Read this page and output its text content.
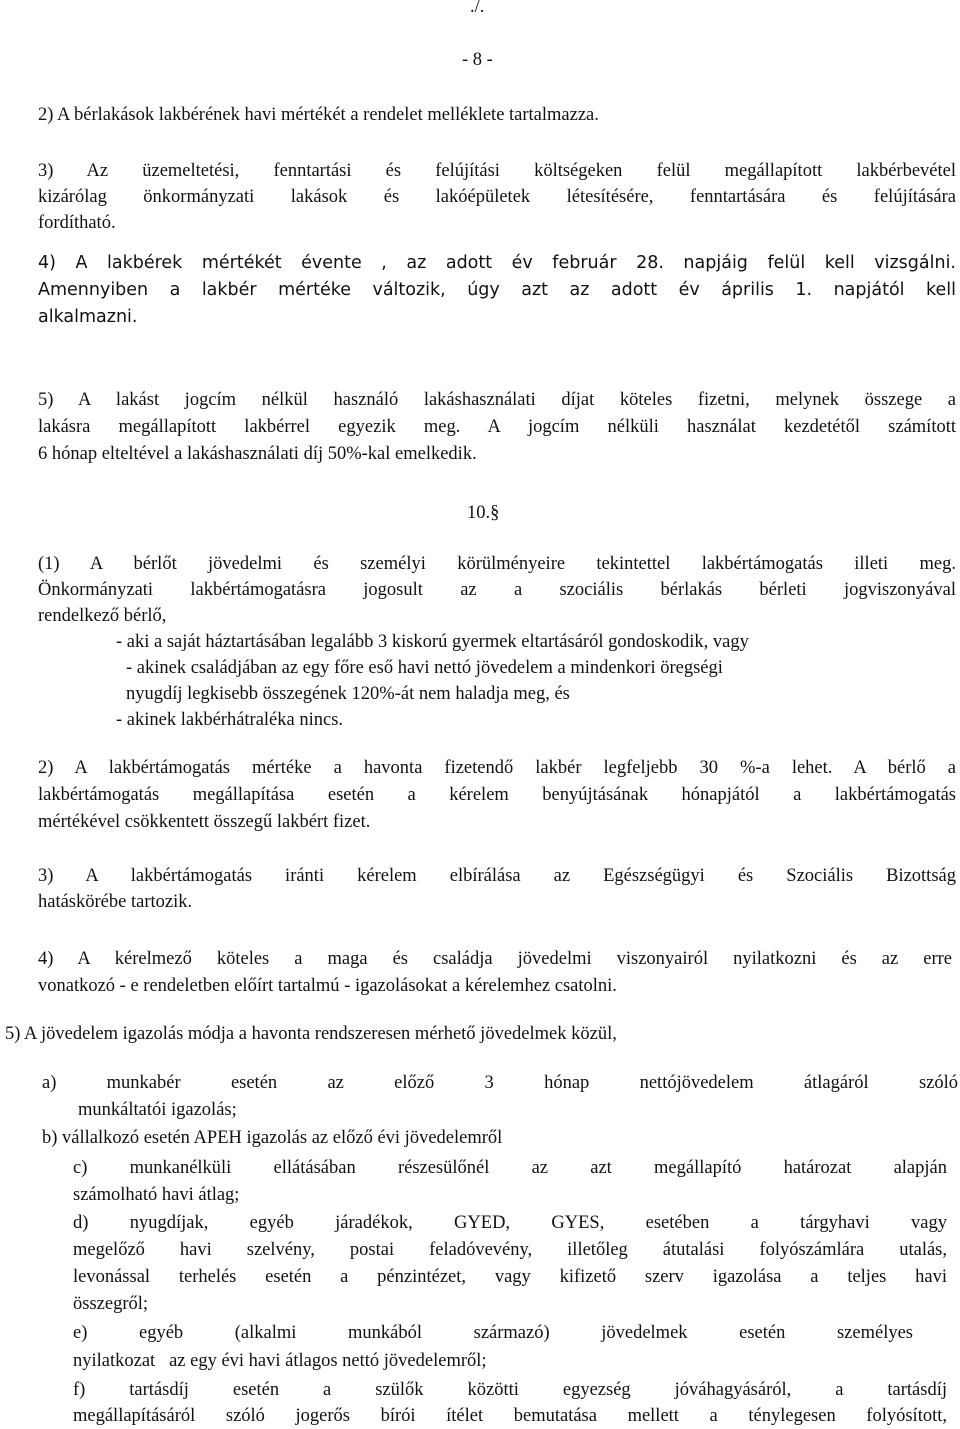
./.
- 8 -
2) A bérlakások lakbérének havi mértékét a rendelet melléklete tartalmazza.
3) Az üzemeltetési, fenntartási és felújítási költségeken felül megállapított lakbérbevétel
kizárólag önkormányzati lakások és lakóépületek létesítésére, fenntartására és felújítására
fordítható.
4) A lakbérek mértékét évente , az adott év február 28. napjáig felül kell vizsgálni.
Amennyiben a lakbér mértéke változik, úgy azt az adott év április 1. napjától kell
alkalmazni.
5) A lakást jogcím nélkül használó lakáshasználati díjat köteles fizetni, melynek összege a
lakásra megállapított lakbérrel egyezik meg. A jogcím nélküli használat kezdetétől számított
6 hónap elteltével a lakáshasználati díj 50%-kal emelkedik.
10.§
(1) A bérlőt jövedelmi és személyi körülményeire tekintettel lakbértámogatás illeti meg.
Önkormányzati lakbértámogatásra jogosult az a szociális bérlakás bérleti jogviszonyával
rendelkező bérlő,
- aki a saját háztartásában legalább 3 kiskorú gyermek eltartásáról gondoskodik, vagy
- akinek családjában az egy főre eső havi nettó jövedelem a mindenkori öregségi
nyugdíj legkisebb összegének 120%-át nem haladja meg, és
- akinek lakbérhátraléka nincs.
2) A lakbértámogatás mértéke a havonta fizetendő lakbér legfeljebb 30 %-a lehet. A bérlő a
lakbértámogatás megállapítása esetén a kérelem benyújtásának hónapjától a lakbértámogatás
mértékével csökkentett összegű lakbért fizet.
3) A lakbértámogatás iránti kérelem elbírálása az Egészségügyi és Szociális Bizottság
hatáskörébe tartozik.
4) A kérelmező köteles a maga és családja jövedelmi viszonyairól nyilatkozni és az erre
vonatkozó - e rendeletben előírt tartalmú - igazolásokat a kérelemhez csatolni.
5) A jövedelem igazolás módja a havonta rendszeresen mérhető jövedelmek közül,
a) munkabér esetén az előző 3 hónap nettójövedelem átlagáról szóló
munkáltatói igazolás;
b) vállalkozó esetén APEH igazolás az előző évi jövedelemről
c) munkanélküli ellátásában részesülőnél az azt megállapító határozat alapján
számolható havi átlag;
d) nyugdíjak, egyéb járadékok, GYED, GYES, esetében a tárgyhavi vagy
megelőző havi szelvény, postai feladóvevény, illetőleg átutalási folyószámlára utalás,
levonással terhelés esetén a pénzintézet, vagy kifizető szerv igazolása a teljes havi
összegről;
e) egyéb (alkalmi munkából származó) jövedelmek esetén személyes
nyilatkozat   az egy évi havi átlagos nettó jövedelemről;
f) tartásdíj esetén a szülők közötti egyezség jóváhagyásáról, a tartásdíj
megállapításáról szóló jogerős bírói ítélet bemutatása mellett a ténylegesen folyósított,
